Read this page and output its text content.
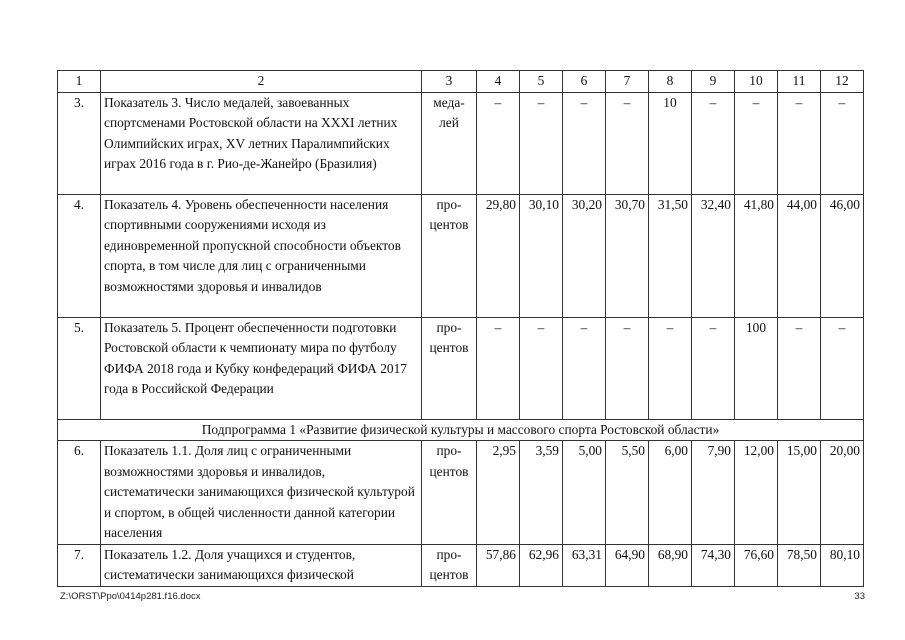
1	2	3	4	5	6	7	8	9	10	11	12
3.	Показатель 3. Число медалей, завоеванных спортсменами Ростовской области на XXXI летних Олимпийских играх, XV летних Паралимпийских играх 2016 года в г. Рио-де-Жанейро (Бразилия)	меда-лей	–	–	–	–	10	–	–	–	–
4.	Показатель 4. Уровень обеспеченности населения спортивными сооружениями исходя из единовременной пропускной способности объектов спорта, в том числе для лиц с ограниченными возможностями здоровья и инвалидов	про-центов	29,80	30,10	30,20	30,70	31,50	32,40	41,80	44,00	46,00
5.	Показатель 5. Процент обеспеченности подготовки Ростовской области к чемпионату мира по футболу ФИФА 2018 года и Кубку конфедераций ФИФА 2017 года в Российской Федерации	про-центов	–	–	–	–	–	–	100	–	–
Подпрограмма 1 «Развитие физической культуры и массового спорта Ростовской области»											
6.	Показатель 1.1. Доля лиц с ограниченными возможностями здоровья и инвалидов, систематически занимающихся физической культурой и спортом, в общей численности данной категории населения	про-центов	2,95	3,59	5,00	5,50	6,00	7,90	12,00	15,00	20,00
7.	Показатель 1.2. Доля учащихся и студентов, систематически занимающихся физической	про-центов	57,86	62,96	63,31	64,90	68,90	74,30	76,60	78,50	80,10
Z:\ORST\Ppo\0414p281.f16.docx	33
